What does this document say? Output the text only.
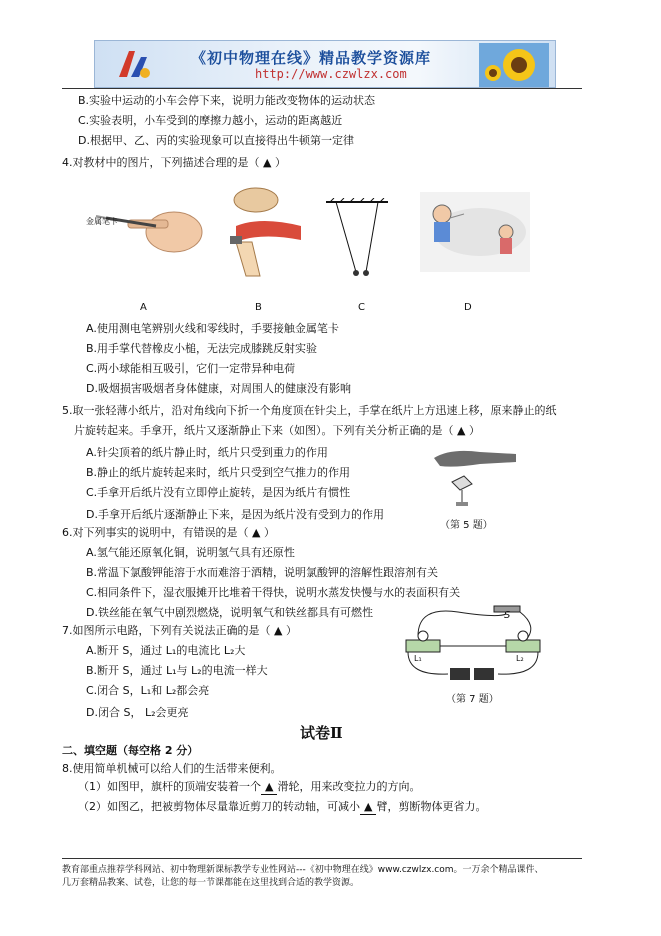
《初中物理在线》精品教学资源库
http://www.czwlzx.com
B.实验中运动的小车会停下来，说明力能改变物体的运动状态
C.实验表明，小车受到的摩擦力越小，运动的距离越近
D.根据甲、乙、丙的实验现象可以直接得出牛顿第一定律
4.对教材中的图片，下列描述合理的是（ ▲ ）
金属笔卡
A	B	C	D
A.使用测电笔辨别火线和零线时，手要接触金属笔卡
B.用手掌代替橡皮小槌，无法完成膝跳反射实验
C.两小球能相互吸引，它们一定带异种电荷
D.吸烟损害吸烟者身体健康，对周围人的健康没有影响
5.取一张轻薄小纸片，沿对角线向下折一个角度顶在针尖上，手掌在纸片上方迅速上移，原来静止的纸
片旋转起来。手拿开，纸片又逐渐静止下来（如图）。下列有关分析正确的是（ ▲ ）
A.针尖顶着的纸片静止时，纸片只受到重力的作用
B.静止的纸片旋转起来时，纸片只受到空气推力的作用
C.手拿开后纸片没有立即停止旋转，是因为纸片有惯性
D.手拿开后纸片逐渐静止下来，是因为纸片没有受到力的作用
（第 5 题）
6.对下列事实的说明中，有错误的是（ ▲ ）
A.氢气能还原氧化铜，说明氢气具有还原性
B.常温下氯酸钾能溶于水而难溶于酒精，说明氯酸钾的溶解性跟溶剂有关
C.相同条件下，湿衣服摊开比堆着干得快，说明水蒸发快慢与水的表面积有关
D.铁丝能在氧气中剧烈燃烧，说明氧气和铁丝都具有可燃性
7.如图所示电路，下列有关说法正确的是（ ▲ ）
A.断开 S，通过 L₁的电流比 L₂大
B.断开 S，通过 L₁与 L₂的电流一样大
C.闭合 S，L₁和 L₂都会亮
D.闭合 S， L₂会更亮
S
L₁	L₂
（第 7 题）
试卷Ⅱ
二、填空题（每空格 2 分）
8.使用简单机械可以给人们的生活带来便利。
（1）如图甲，旗杆的顶端安装着一个 ▲ 滑轮，用来改变拉力的方向。
（2）如图乙，把被剪物体尽量靠近剪刀的转动轴，可减小 ▲ 臂，剪断物体更省力。
教育部重点推荐学科网站、初中物理新课标教学专业性网站---《初中物理在线》www.czwlzx.com。一万余个精品课件、
几万套精品教案、试卷，让您的每一节课都能在这里找到合适的教学资源。
